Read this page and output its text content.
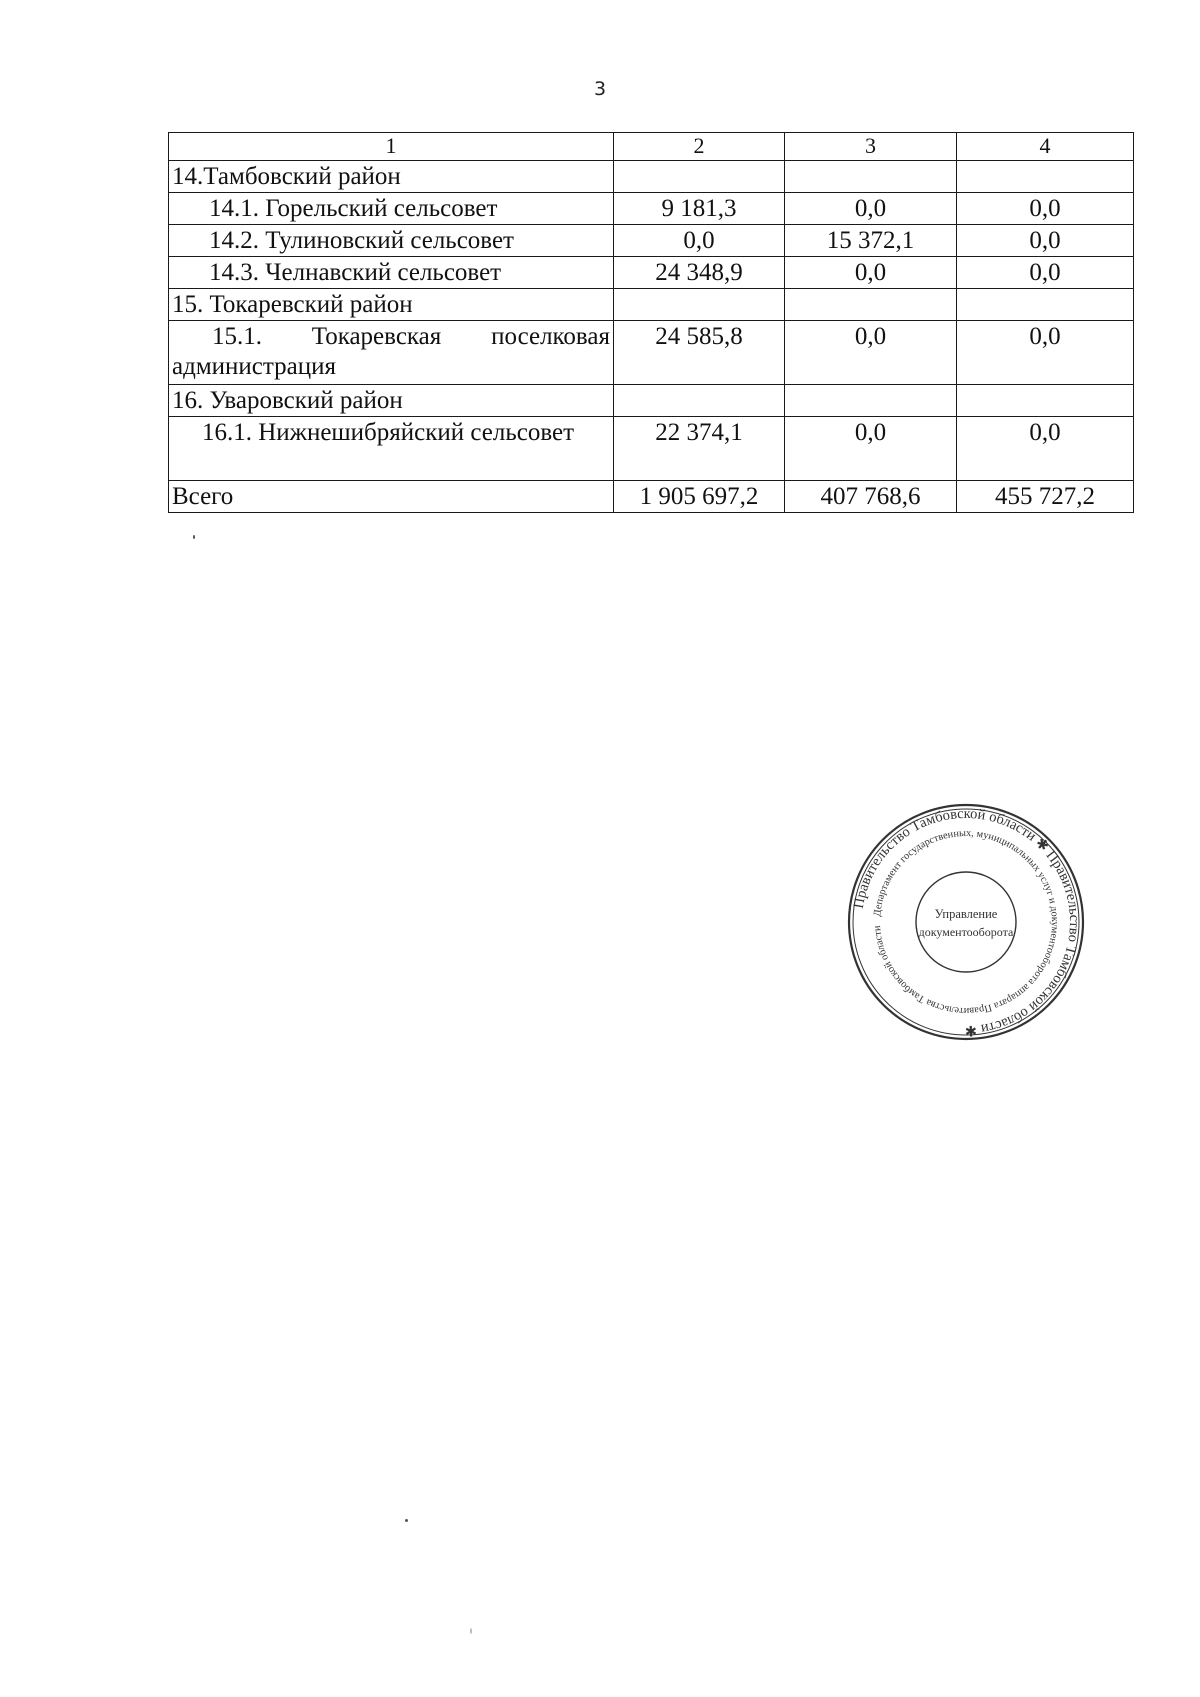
3
1	2	3	4
14.Тамбовский район			
14.1. Горельский сельсовет	9 181,3	0,0	0,0
14.2. Тулиновский сельсовет	0,0	15 372,1	0,0
14.3. Челнавский сельсовет	24 348,9	0,0	0,0
15. Токаревский район			
15.1. Токаревская поселковая администрация	24 585,8	0,0	0,0
16. Уваровский район			
16.1. Нижнешибряйский сельсовет	22 374,1	0,0	0,0
Всего	1 905 697,2	407 768,6	455 727,2
Правительство Тамбовской области ✱ Правительство Тамбовской области ✱
Департамент государственных, муниципальных услуг и документооборота аппарата Правительства Тамбовской области
Управление
документооборота
